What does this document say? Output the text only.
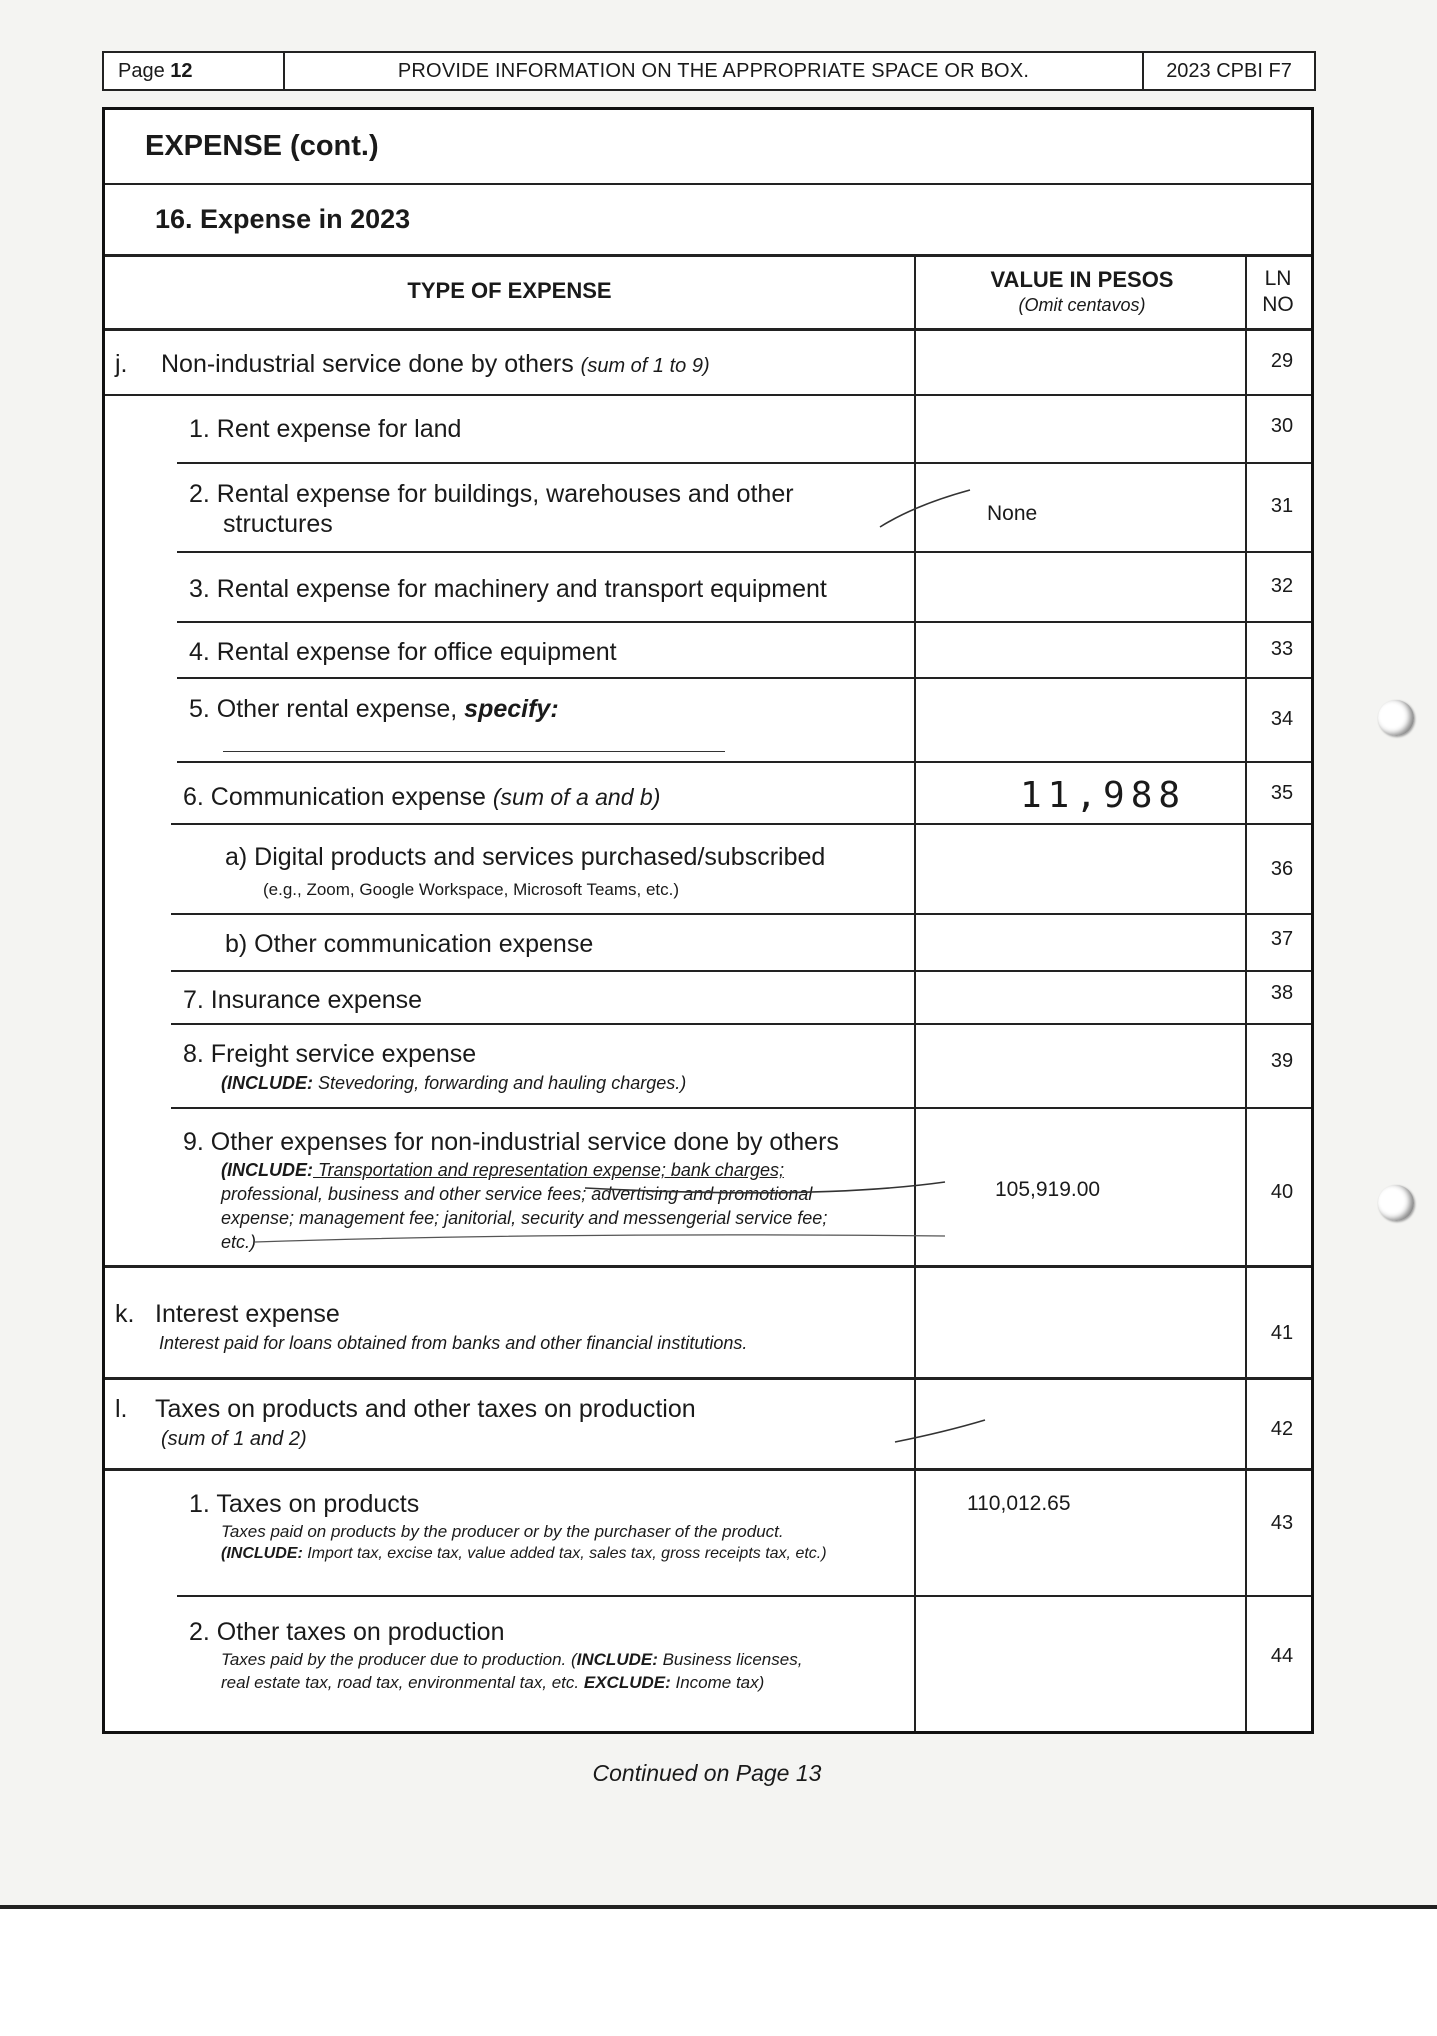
Page
12	PROVIDE INFORMATION ON THE APPROPRIATE SPACE OR BOX.	2023 CPBI F7
EXPENSE (cont.)
16. Expense in 2023
TYPE OF EXPENSE	VALUE IN PESOS
(Omit centavos)
LN
NO
j. Non-industrial service done by others (sum of 1 to 9)	29
1. Rent expense for land	30
2. Rental expense for buildings, warehouses and other
structures	None	31
3. Rental expense for machinery and transport equipment	32
4. Rental expense for office equipment	33
5. Other rental expense, specify:	34
6. Communication expense (sum of a and b)	11,988	35
a) Digital products and services purchased/subscribed
(e.g., Zoom, Google Workspace, Microsoft Teams, etc.)
36
b) Other communication expense	37
7. Insurance expense	38
8. Freight service expense
(INCLUDE: Stevedoring, forwarding and hauling charges.)
39
9. Other expenses for non-industrial service done by others
(INCLUDE: Transportation and representation expense; bank charges;
professional, business and other service fees; advertising and promotional
expense; management fee; janitorial, security and messengerial service fee;
etc.)
105,919.00	40
k. Interest expense
Interest paid for loans obtained from banks and other financial institutions.	41
l. Taxes on products and other taxes on production
(sum of 1 and 2)	42
1. Taxes on products
Taxes paid on products by the producer or by the purchaser of the product.
(INCLUDE: Import tax, excise tax, value added tax, sales tax, gross receipts tax, etc.)
110,012.65
43
2. Other taxes on production
Taxes paid by the producer due to production. (INCLUDE: Business licenses,
real estate tax, road tax, environmental tax, etc. EXCLUDE: Income tax)
44
Continued on Page 13
